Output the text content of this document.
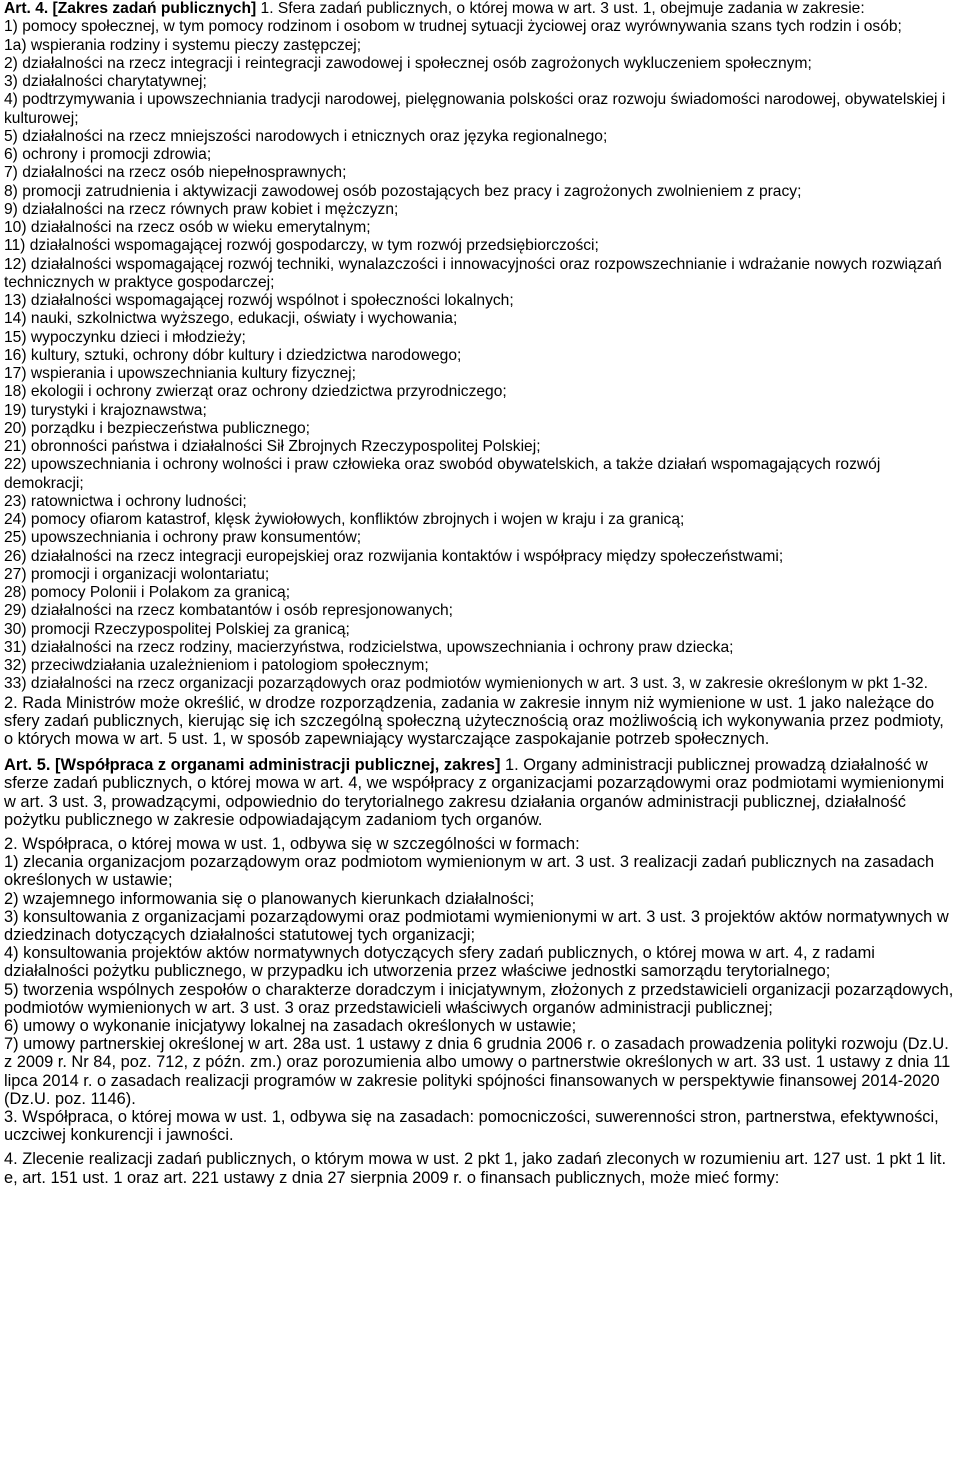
Art. 4. [Zakres zadań publicznych] 1. Sfera zadań publicznych, o której mowa w art. 3 ust. 1, obejmuje zadania w zakresie:

1) pomocy społecznej, w tym pomocy rodzinom i osobom w trudnej sytuacji życiowej oraz wyrównywania szans tych rodzin i osób;

1a) wspierania rodziny i systemu pieczy zastępczej;

2) działalności na rzecz integracji i reintegracji zawodowej i społecznej osób zagrożonych wykluczeniem społecznym;

3) działalności charytatywnej;

4) podtrzymywania i upowszechniania tradycji narodowej, pielęgnowania polskości oraz rozwoju świadomości narodowej, obywatelskiej i kulturowej;

5) działalności na rzecz mniejszości narodowych i etnicznych oraz języka regionalnego;

6) ochrony i promocji zdrowia;

7) działalności na rzecz osób niepełnosprawnych;

8) promocji zatrudnienia i aktywizacji zawodowej osób pozostających bez pracy i zagrożonych zwolnieniem z pracy;

9) działalności na rzecz równych praw kobiet i mężczyzn;

10) działalności na rzecz osób w wieku emerytalnym;

11) działalności wspomagającej rozwój gospodarczy, w tym rozwój przedsiębiorczości;

12) działalności wspomagającej rozwój techniki, wynalazczości i innowacyjności oraz rozpowszechnianie i wdrażanie nowych rozwiązań technicznych w praktyce gospodarczej;

13) działalności wspomagającej rozwój wspólnot i społeczności lokalnych;

14) nauki, szkolnictwa wyższego, edukacji, oświaty i wychowania;

15) wypoczynku dzieci i młodzieży;

16) kultury, sztuki, ochrony dóbr kultury i dziedzictwa narodowego;

17) wspierania i upowszechniania kultury fizycznej;

18) ekologii i ochrony zwierząt oraz ochrony dziedzictwa przyrodniczego;

19) turystyki i krajoznawstwa;

20) porządku i bezpieczeństwa publicznego;

21) obronności państwa i działalności Sił Zbrojnych Rzeczypospolitej Polskiej;

22) upowszechniania i ochrony wolności i praw człowieka oraz swobód obywatelskich, a także działań wspomagających rozwój demokracji;

23) ratownictwa i ochrony ludności;

24) pomocy ofiarom katastrof, klęsk żywiołowych, konfliktów zbrojnych i wojen w kraju i za granicą;

25) upowszechniania i ochrony praw konsumentów;

26) działalności na rzecz integracji europejskiej oraz rozwijania kontaktów i współpracy między społeczeństwami;

27) promocji i organizacji wolontariatu;

28) pomocy Polonii i Polakom za granicą;

29) działalności na rzecz kombatantów i osób represjonowanych;

30) promocji Rzeczypospolitej Polskiej za granicą;

31) działalności na rzecz rodziny, macierzyństwa, rodzicielstwa, upowszechniania i ochrony praw dziecka;

32) przeciwdziałania uzależnieniom i patologiom społecznym;

33) działalności na rzecz organizacji pozarządowych oraz podmiotów wymienionych w art. 3 ust. 3, w zakresie określonym w pkt 1-32.

2. Rada Ministrów może określić, w drodze rozporządzenia, zadania w zakresie innym niż wymienione w ust. 1 jako należące do sfery zadań publicznych, kierując się ich szczególną społeczną użytecznością oraz możliwością ich wykonywania przez podmioty, o których mowa w art. 5 ust. 1, w sposób zapewniający wystarczające zaspokajanie potrzeb społecznych.

Art. 5. [Współpraca z organami administracji publicznej, zakres] 1. Organy administracji publicznej prowadzą działalność w sferze zadań publicznych, o której mowa w art. 4, we współpracy z organizacjami pozarządowymi oraz podmiotami wymienionymi w art. 3 ust. 3, prowadzącymi, odpowiednio do terytorialnego zakresu działania organów administracji publicznej, działalność pożytku publicznego w zakresie odpowiadającym zadaniom tych organów.

2. Współpraca, o której mowa w ust. 1, odbywa się w szczególności w formach:

1) zlecania organizacjom pozarządowym oraz podmiotom wymienionym w art. 3 ust. 3 realizacji zadań publicznych na zasadach określonych w ustawie;

2) wzajemnego informowania się o planowanych kierunkach działalności;

3) konsultowania z organizacjami pozarządowymi oraz podmiotami wymienionymi w art. 3 ust. 3 projektów aktów normatywnych w dziedzinach dotyczących działalności statutowej tych organizacji;

4) konsultowania projektów aktów normatywnych dotyczących sfery zadań publicznych, o której mowa w art. 4, z radami działalności pożytku publicznego, w przypadku ich utworzenia przez właściwe jednostki samorządu terytorialnego;

5) tworzenia wspólnych zespołów o charakterze doradczym i inicjatywnym, złożonych z przedstawicieli organizacji pozarządowych, podmiotów wymienionych w art. 3 ust. 3 oraz przedstawicieli właściwych organów administracji publicznej;

6) umowy o wykonanie inicjatywy lokalnej na zasadach określonych w ustawie;

7) umowy partnerskiej określonej w art. 28a ust. 1 ustawy z dnia 6 grudnia 2006 r. o zasadach prowadzenia polityki rozwoju (Dz.U. z 2009 r. Nr 84, poz. 712, z późn. zm.) oraz porozumienia albo umowy o partnerstwie określonych w art. 33 ust. 1 ustawy z dnia 11 lipca 2014 r. o zasadach realizacji programów w zakresie polityki spójności finansowanych w perspektywie finansowej 2014-2020 (Dz.U. poz. 1146).

3. Współpraca, o której mowa w ust. 1, odbywa się na zasadach: pomocniczości, suwerenności stron, partnerstwa, efektywności, uczciwej konkurencji i jawności.

4. Zlecenie realizacji zadań publicznych, o którym mowa w ust. 2 pkt 1, jako zadań zleconych w rozumieniu art. 127 ust. 1 pkt 1 lit. e, art. 151 ust. 1 oraz art. 221 ustawy z dnia 27 sierpnia 2009 r. o finansach publicznych, może mieć formy:
